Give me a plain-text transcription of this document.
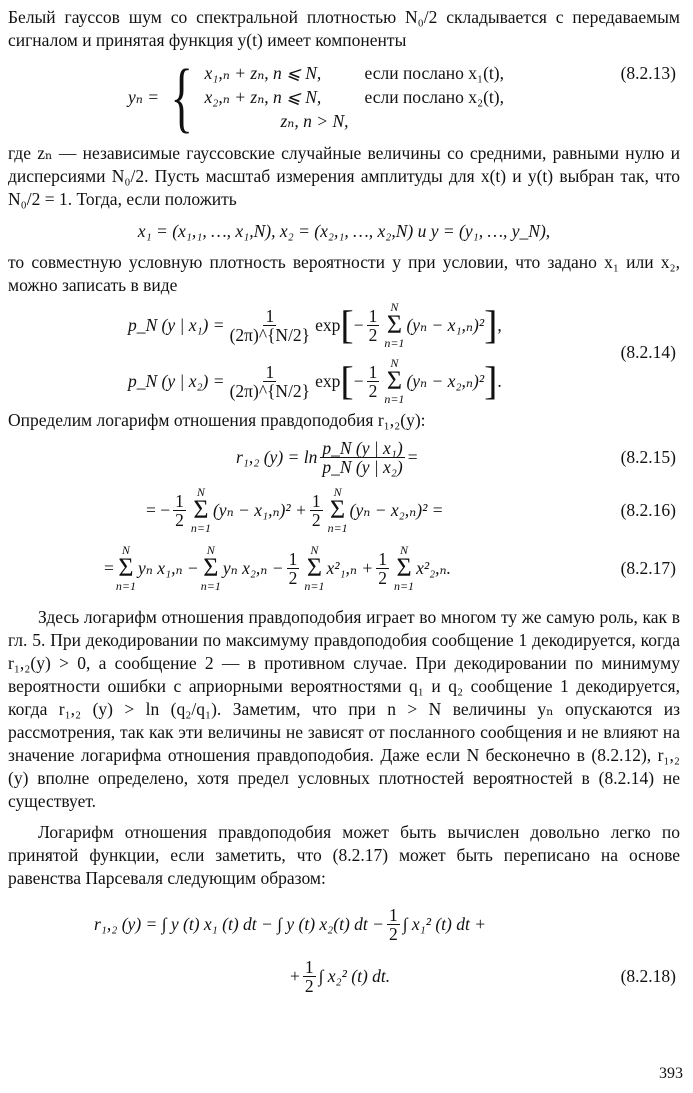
Белый гауссов шум со спектральной плотностью N₀/2 складывается с передаваемым сигналом и принятая функция y(t) имеет компоненты

yₙ = { x₁,ₙ + zₙ, n ⩽ N, если послано x₁(t),
x₂,ₙ + zₙ, n ⩽ N, если послано x₂(t),
zₙ, n > N,
(8.2.13)

где zₙ — независимые гауссовские случайные величины со средними, равными нулю и дисперсиями N₀/2. Пусть масштаб измерения амплитуды для x(t) и y(t) выбран так, что N₀/2 = 1. Тогда, если положить

x₁ = (x₁,₁, …, x₁,N), x₂ = (x₂,₁, …, x₂,N) и y = (y₁, …, y_N),

то совместную условную плотность вероятности y при условии, что задано x₁ или x₂, можно записать в виде

p_N (y | $x_1) = \frac{1}{(2\pi)\^{}\{N/2\}}$ exp [ − $\frac{1}{2}$ N
Σ
n=1
(yₙ − x₁,ₙ)² ] ,
p_N (y | $x_2) = \frac{1}{(2\pi)\^{}\{N/2\}}$ exp [ − $\frac{1}{2}$ N
Σ
n=1
(yₙ − x₂,ₙ)² ] .
(8.2.14)

Определим логарифм отношения правдоподобия r₁,₂(y):

r₁,₂ $(y) = \ln \frac{\text{p\_N (y | x₁)}}{\text{p\_N (y | x₂)}}$ =	(8.2.15)
= − $\frac{1}{2}$ N
Σ
n=1
$(y_n - x_1,_n)^2 + \frac{1}{2}$ N
Σ
n=1
(yₙ − x₂,ₙ)² =	(8.2.16)
=
N
Σ
n=1
yₙ x₁,ₙ −
N
Σ
n=1
yₙ $x_2,_n - \frac{1}{2}$ N
Σ
n=1
$x^2_1,_n + \frac{1}{2}$ N
Σ
n=1
x²₂,ₙ.	(8.2.17)

Здесь логарифм отношения правдоподобия играет во многом ту же самую роль, как в гл. 5. При декодировании по максимуму правдоподобия сообщение 1 декодируется, когда r₁,₂(y) > 0, а сообщение 2 — в противном случае. При декодировании по минимуму вероятности ошибки с априорными вероятностями q₁ и q₂ сообщение 1 декодируется, когда r₁,₂ (y) > ln (q₂/q₁). Заметим, что при n > N величины yₙ опускаются из рассмотрения, так как эти величины не зависят от посланного сообщения и не влияют на значение логарифма отношения правдоподобия. Даже если N бесконечно в (8.2.12), r₁,₂ (y) вполне определено, хотя предел условных плотностей вероятностей в (8.2.14) не существует.

Логарифм отношения правдоподобия может быть вычислен довольно легко по принятой функции, если заметить, что (8.2.17) может быть переписано на основе равенства Парсеваля следующим образом:

r₁,₂ (y) = ∫ y (t) x₁ (t) dt − ∫ y (t) x₂(t) dt − $\frac{1}{2}$ ∫ x₁² (t) dt +
+ $\frac{1}{2}$ ∫ x₂² (t) dt.	(8.2.18)
393
